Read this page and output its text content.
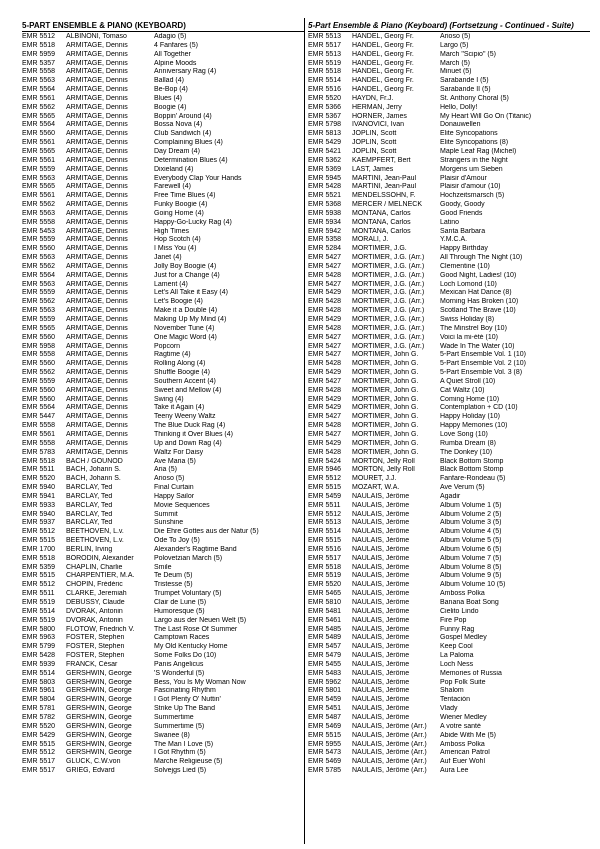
5-PART ENSEMBLE & PIANO (KEYBOARD)
EMR 5512	ALBINONI, Tomaso	Adagio (5)
EMR 5518	ARMITAGE, Dennis	4 Fanfares (5)
EMR 5959	ARMITAGE, Dennis	All Together
EMR 5357	ARMITAGE, Dennis	Alpine Moods
EMR 5558	ARMITAGE, Dennis	Anniversary Rag (4)
EMR 5563	ARMITAGE, Dennis	Ballad (4)
EMR 5564	ARMITAGE, Dennis	Be-Bop (4)
EMR 5561	ARMITAGE, Dennis	Blues (4)
EMR 5562	ARMITAGE, Dennis	Boogie (4)
EMR 5565	ARMITAGE, Dennis	Boppin' Around (4)
EMR 5564	ARMITAGE, Dennis	Bossa Nova (4)
EMR 5560	ARMITAGE, Dennis	Club Sandwich (4)
EMR 5561	ARMITAGE, Dennis	Complaining Blues (4)
EMR 5565	ARMITAGE, Dennis	Day Dream (4)
EMR 5561	ARMITAGE, Dennis	Determination Blues (4)
EMR 5559	ARMITAGE, Dennis	Dixieland (4)
EMR 5563	ARMITAGE, Dennis	Everybody Clap Your Hands
EMR 5565	ARMITAGE, Dennis	Farewell (4)
EMR 5561	ARMITAGE, Dennis	Free Time Blues (4)
EMR 5562	ARMITAGE, Dennis	Funky Boogie (4)
EMR 5563	ARMITAGE, Dennis	Going Home (4)
EMR 5558	ARMITAGE, Dennis	Happy-Go-Lucky Rag (4)
EMR 5453	ARMITAGE, Dennis	High Times
EMR 5559	ARMITAGE, Dennis	Hop Scotch (4)
EMR 5560	ARMITAGE, Dennis	I Miss You (4)
EMR 5563	ARMITAGE, Dennis	Janet (4)
EMR 5562	ARMITAGE, Dennis	Jolly Boy Boogie (4)
EMR 5564	ARMITAGE, Dennis	Just for a Change (4)
EMR 5563	ARMITAGE, Dennis	Lament (4)
EMR 5559	ARMITAGE, Dennis	Let's All Take it Easy (4)
EMR 5562	ARMITAGE, Dennis	Let's Boogie (4)
EMR 5563	ARMITAGE, Dennis	Make it a Double (4)
EMR 5559	ARMITAGE, Dennis	Making Up My Mind (4)
EMR 5565	ARMITAGE, Dennis	November Tune (4)
EMR 5560	ARMITAGE, Dennis	One Magic Word (4)
EMR 5958	ARMITAGE, Dennis	Popcorn
EMR 5558	ARMITAGE, Dennis	Ragtime (4)
EMR 5560	ARMITAGE, Dennis	Rolling Along (4)
EMR 5562	ARMITAGE, Dennis	Shuffle Boogie (4)
EMR 5559	ARMITAGE, Dennis	Southern Accent (4)
EMR 5560	ARMITAGE, Dennis	Sweet and Mellow (4)
EMR 5560	ARMITAGE, Dennis	Swing (4)
EMR 5564	ARMITAGE, Dennis	Take it Again (4)
EMR 5447	ARMITAGE, Dennis	Teeny Weeny Waltz
EMR 5558	ARMITAGE, Dennis	The Blue Duck Rag (4)
EMR 5561	ARMITAGE, Dennis	Thinking it Over Blues (4)
EMR 5558	ARMITAGE, Dennis	Up and Down Rag (4)
EMR 5783	ARMITAGE, Dennis	Waltz For Daisy
EMR 5518	BACH / GOUNOD	Ave Maria (5)
EMR 5511	BACH, Johann S.	Aria (5)
EMR 5520	BACH, Johann S.	Arioso (5)
EMR 5940	BARCLAY, Ted	Final Curtain
EMR 5941	BARCLAY, Ted	Happy Sailor
EMR 5933	BARCLAY, Ted	Movie Sequences
EMR 5940	BARCLAY, Ted	Summit
EMR 5937	BARCLAY, Ted	Sunshine
EMR 5512	BEETHOVEN, L.v.	Die Ehre Gottes aus der Natur (5)
EMR 5515	BEETHOVEN, L.v.	Ode To Joy (5)
EMR 1700	BERLIN, Irving	Alexander's Ragtime Band
EMR 5518	BORODIN, Alexander	Polovetzian March (5)
EMR 5359	CHAPLIN, Charlie	Smile
EMR 5515	CHARPENTIER, M.A.	Te Deum (5)
EMR 5512	CHOPIN, Frédéric	Tristesse (5)
EMR 5511	CLARKE, Jeremiah	Trumpet Voluntary (5)
EMR 5519	DEBUSSY, Claude	Clair de Lune (5)
EMR 5514	DVORAK, Antonin	Humoresque (5)
EMR 5519	DVORAK, Antonin	Largo aus der Neuen Welt (5)
EMR 5800	FLOTOW, Friedrich V.	The Last Rose Of Summer
EMR 5963	FOSTER, Stephen	Camptown Races
EMR 5799	FOSTER, Stephen	My Old Kentucky Home
EMR 5428	FOSTER, Stephen	Some Folks Do (10)
EMR 5939	FRANCK, César	Panis Angelicus
EMR 5514	GERSHWIN, George	'S Wonderful (5)
EMR 5803	GERSHWIN, George	Bess, You Is My Woman Now
EMR 5961	GERSHWIN, George	Fascinating Rhythm
EMR 5804	GERSHWIN, George	I Got Plenty O' Nuttin'
EMR 5781	GERSHWIN, George	Strike Up The Band
EMR 5782	GERSHWIN, George	Summertime
EMR 5520	GERSHWIN, George	Summertime (5)
EMR 5429	GERSHWIN, George	Swanee (8)
EMR 5515	GERSHWIN, George	The Man I Love (5)
EMR 5512	GERSHWIN, George	I Got Rhythm (5)
EMR 5517	GLUCK, C.W.von	Marche Religieuse (5)
EMR 5517	GRIEG, Edvard	Solvejgs Lied (5)
5-Part Ensemble & Piano (Keyboard) (Fortsetzung - Continued - Suite)
EMR 5513	HÄNDEL, Georg Fr.	Arioso (5)
EMR 5517	HÄNDEL, Georg Fr.	Largo (5)
EMR 5513	HÄNDEL, Georg Fr.	March "Scipio" (5)
EMR 5519	HÄNDEL, Georg Fr.	March (5)
EMR 5518	HÄNDEL, Georg Fr.	Minuet (5)
EMR 5514	HÄNDEL, Georg Fr.	Sarabande I (5)
EMR 5516	HÄNDEL, Georg Fr.	Sarabande II (5)
EMR 5520	HAYDN, Fr.J.	St. Anthony Choral (5)
EMR 5366	HERMAN, Jerry	Hello, Dolly!
EMR 5367	HORNER, James	My Heart Will Go On (Titanic)
EMR 5798	IVANOVICI, Ivan	Donauwellen
EMR 5813	JOPLIN, Scott	Elite Syncopations
EMR 5429	JOPLIN, Scott	Elite Syncopations (8)
EMR 5421	JOPLIN, Scott	Maple Leaf Rag (Michel)
EMR 5362	KAEMPFERT, Bert	Strangers in the Night
EMR 5369	LAST, James	Morgens um Sieben
EMR 5945	MARTINI, Jean-Paul	Plaisir d'Amour
EMR 5428	MARTINI, Jean-Paul	Plaisir d'amour (10)
EMR 5521	MENDELSSOHN, F.	Hochzeitsmarsch (5)
EMR 5368	MERCER / MELNECK	Goody, Goody
EMR 5938	MONTANA, Carlos	Good Friends
EMR 5934	MONTANA, Carlos	Latino
EMR 5942	MONTANA, Carlos	Santa Barbara
EMR 5358	MORALI, J.	Y.M.C.A.
EMR 5284	MORTIMER, J.G.	Happy Birthday
EMR 5427	MORTIMER, J.G. (Arr.)	All Through The Night (10)
EMR 5427	MORTIMER, J.G. (Arr.)	Clementine (10)
EMR 5428	MORTIMER, J.G. (Arr.)	Good Night, Ladies! (10)
EMR 5427	MORTIMER, J.G. (Arr.)	Loch Lomond (10)
EMR 5429	MORTIMER, J.G. (Arr.)	Mexican Hat Dance (8)
EMR 5428	MORTIMER, J.G. (Arr.)	Morning Has Broken (10)
EMR 5428	MORTIMER, J.G. (Arr.)	Scotland The Brave (10)
EMR 5429	MORTIMER, J.G. (Arr.)	Swiss Holiday (8)
EMR 5428	MORTIMER, J.G. (Arr.)	The Minstrel Boy (10)
EMR 5427	MORTIMER, J.G. (Arr.)	Voici la mi-été (10)
EMR 5427	MORTIMER, J.G. (Arr.)	Wade In The Water (10)
EMR 5427	MORTIMER, John G.	5-Part Ensemble Vol. 1 (10)
EMR 5428	MORTIMER, John G.	5-Part Ensemble Vol. 2 (10)
EMR 5429	MORTIMER, John G.	5-Part Ensemble Vol. 3 (8)
EMR 5427	MORTIMER, John G.	A Quiet Stroll (10)
EMR 5428	MORTIMER, John G.	Cat Waltz (10)
EMR 5429	MORTIMER, John G.	Coming Home (10)
EMR 5429	MORTIMER, John G.	Contemplation + CD (10)
EMR 5427	MORTIMER, John G.	Happy Holiday (10)
EMR 5428	MORTIMER, John G.	Happy Memories (10)
EMR 5427	MORTIMER, John G.	Love Song (10)
EMR 5429	MORTIMER, John G.	Rumba Dream (8)
EMR 5428	MORTIMER, John G.	The Donkey (10)
EMR 5424	MORTON, Jelly Roll	Black Bottom Stomp
EMR 5946	MORTON, Jelly Roll	Black Bottom Stomp
EMR 5512	MOURET, J.J.	Fanfare-Rondeau (5)
EMR 5515	MOZART, W.A.	Ave Verum (5)
EMR 5459	NAULAIS, Jérôme	Agadir
EMR 5511	NAULAIS, Jérôme	Album Volume 1 (5)
EMR 5512	NAULAIS, Jérôme	Album Volume 2 (5)
EMR 5513	NAULAIS, Jérôme	Album Volume 3 (5)
EMR 5514	NAULAIS, Jérôme	Album Volume 4 (5)
EMR 5515	NAULAIS, Jérôme	Album Volume 5 (5)
EMR 5516	NAULAIS, Jérôme	Album Volume 6 (5)
EMR 5517	NAULAIS, Jérôme	Album Volume 7 (5)
EMR 5518	NAULAIS, Jérôme	Album Volume 8 (5)
EMR 5519	NAULAIS, Jérôme	Album Volume 9 (5)
EMR 5520	NAULAIS, Jérôme	Album Volume 10 (5)
EMR 5465	NAULAIS, Jérôme	Amboss Polka
EMR 5810	NAULAIS, Jérôme	Banana Boat Song
EMR 5481	NAULAIS, Jérôme	Cielito Lindo
EMR 5461	NAULAIS, Jérôme	Fire Pop
EMR 5485	NAULAIS, Jérôme	Funny Rag
EMR 5489	NAULAIS, Jérôme	Gospel Medley
EMR 5457	NAULAIS, Jérôme	Keep Cool
EMR 5479	NAULAIS, Jérôme	La Paloma
EMR 5455	NAULAIS, Jérôme	Loch Ness
EMR 5483	NAULAIS, Jérôme	Memories of Russia
EMR 5962	NAULAIS, Jérôme	Pop Folk Suite
EMR 5801	NAULAIS, Jérôme	Shalom
EMR 5459	NAULAIS, Jérôme	Tentación
EMR 5451	NAULAIS, Jérôme	Vlady
EMR 5487	NAULAIS, Jérôme	Wiener Medley
EMR 5469	NAULAIS, Jérôme (Arr.)	A votre santé
EMR 5515	NAULAIS, Jérôme (Arr.)	Abide With Me (5)
EMR 5955	NAULAIS, Jérôme (Arr.)	Amboss Polka
EMR 5473	NAULAIS, Jérôme (Arr.)	American Patrol
EMR 5469	NAULAIS, Jérôme (Arr.)	Auf Euer Wohl
EMR 5785	NAULAIS, Jérôme (Arr.)	Aura Lee
